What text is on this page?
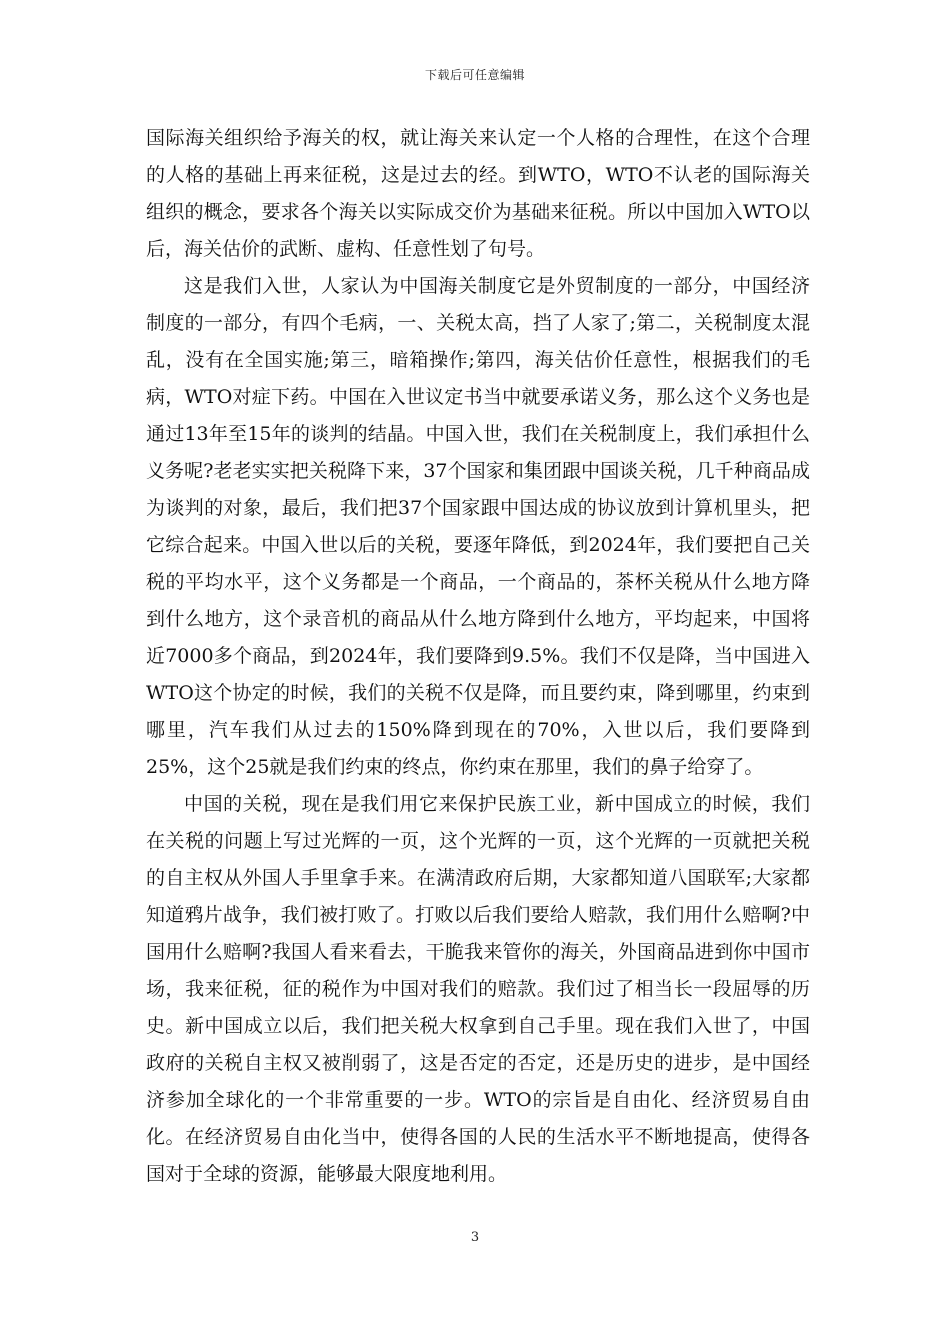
下载后可任意编辑

国际海关组织给予海关的权，就让海关来认定一个人格的合理性，在这个合理的人格的基础上再来征税，这是过去的经。到WTO，WTO不认老的国际海关组织的概念，要求各个海关以实际成交价为基础来征税。所以中国加入WTO以后，海关估价的武断、虚构、任意性划了句号。

这是我们入世，人家认为中国海关制度它是外贸制度的一部分，中国经济制度的一部分，有四个毛病，一、关税太高，挡了人家了;第二，关税制度太混乱，没有在全国实施;第三，暗箱操作;第四，海关估价任意性，根据我们的毛病，WTO对症下药。中国在入世议定书当中就要承诺义务，那么这个义务也是通过13年至15年的谈判的结晶。中国入世，我们在关税制度上，我们承担什么义务呢?老老实实把关税降下来，37个国家和集团跟中国谈关税，几千种商品成为谈判的对象，最后，我们把37个国家跟中国达成的协议放到计算机里头，把它综合起来。中国入世以后的关税，要逐年降低，到2024年，我们要把自己关税的平均水平，这个义务都是一个商品，一个商品的，茶杯关税从什么地方降到什么地方，这个录音机的商品从什么地方降到什么地方，平均起来，中国将近7000多个商品，到2024年，我们要降到9.5%。我们不仅是降，当中国进入WTO这个协定的时候，我们的关税不仅是降，而且要约束，降到哪里，约束到哪里，汽车我们从过去的150%降到现在的70%，入世以后，我们要降到25%，这个25就是我们约束的终点，你约束在那里，我们的鼻子给穿了。

中国的关税，现在是我们用它来保护民族工业，新中国成立的时候，我们在关税的问题上写过光辉的一页，这个光辉的一页，这个光辉的一页就把关税的自主权从外国人手里拿手来。在满清政府后期，大家都知道八国联军;大家都知道鸦片战争，我们被打败了。打败以后我们要给人赔款，我们用什么赔啊?中国用什么赔啊?我国人看来看去，干脆我来管你的海关，外国商品进到你中国市场，我来征税，征的税作为中国对我们的赔款。我们过了相当长一段屈辱的历史。新中国成立以后，我们把关税大权拿到自己手里。现在我们入世了，中国政府的关税自主权又被削弱了，这是否定的否定，还是历史的进步，是中国经济参加全球化的一个非常重要的一步。WTO的宗旨是自由化、经济贸易自由化。在经济贸易自由化当中，使得各国的人民的生活水平不断地提高，使得各国对于全球的资源，能够最大限度地利用。

3
